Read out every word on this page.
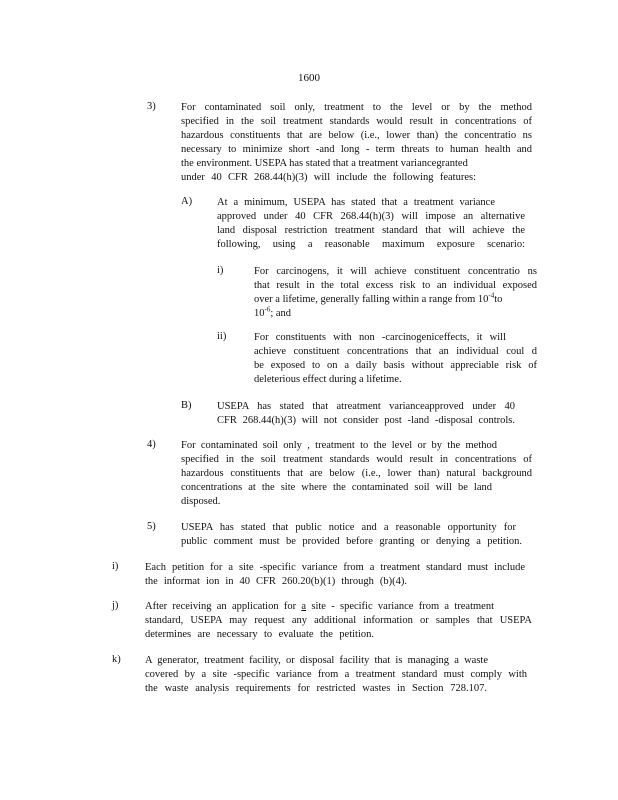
1600
3) For contaminated soil only, treatment to the level or by the method
specified in the soil treatment standards would result in concentrations of
hazardous constituents that are below (i.e., lower than) the concentratio ns
necessary to minimize short -and long - term threats to human health and
the environment. USEPA has stated that a treatment variancegranted
under 40 CFR 268.44(h)(3) will include the following features:
A) At a minimum, USEPA has stated that a treatment variance
approved under 40 CFR 268.44(h)(3) will impose an alternative
land disposal restriction treatment standard that will achieve the
following, using a reasonable maximum exposure scenario:
i)	For carcinogens, it will achieve constituent concentratio ns
that result in the total excess risk to an individual exposed
over a lifetime, generally falling within a range from $10^{-4}to$
$10^{-6}$; and
ii)	For constituents with non -carcinogeniceffects, it will
achieve constituent concentrations that an individual coul d
be exposed to on a daily basis without appreciable risk of
deleterious effect during a lifetime.
B) USEPA has stated that atreatment varianceapproved under 40
CFR 268.44(h)(3) will not consider post -land -disposal controls.
4) For contaminated soil only , treatment to the level or by the method
specified in the soil treatment standards would result in concentrations of
hazardous constituents that are below (i.e., lower than) natural background
concentrations at the site where the contaminated soil will be land
disposed.
5) USEPA has stated that public notice and a reasonable opportunity for
public comment must be provided before granting or denying a petition.
i)	Each petition for a site -specific variance from a treatment standard must include
the informat ion in 40 CFR 260.20(b)(1) through (b)(4).
j)	After receiving an application for a site - specific variance from a treatment
standard, USEPA may request any additional information or samples that USEPA
determines are necessary to evaluate the petition.
k) A generator, treatment facility, or disposal facility that is managing a waste
covered by a site -specific variance from a treatment standard must comply with
the waste analysis requirements for restricted wastes in Section 728.107.
